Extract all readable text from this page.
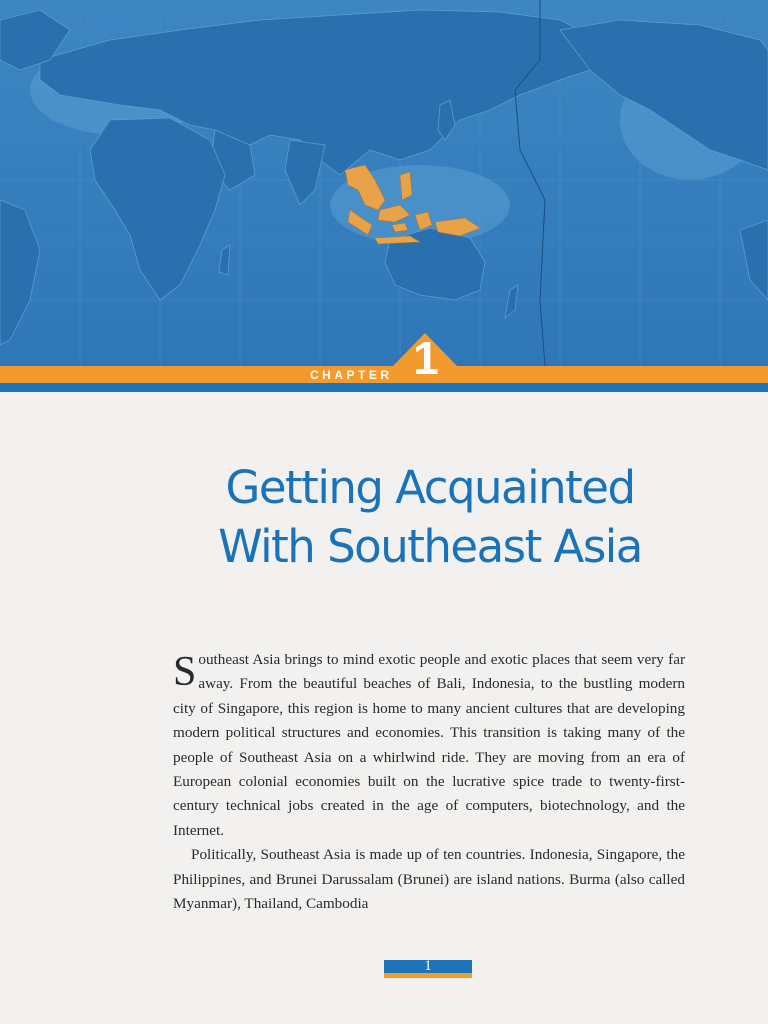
CHAPTER 1
Getting Acquainted
With Southeast Asia

Southeast Asia brings to mind exotic people and exotic places that seem very far away. From the beautiful beaches of Bali, Indonesia, to the bustling modern city of Singapore, this region is home to many ancient cultures that are developing modern political structures and economies. This transition is taking many of the people of Southeast Asia on a whirlwind ride. They are moving from an era of European colonial economies built on the lucrative spice trade to twenty-first-century technical jobs created in the age of computers, biotechnology, and the Internet.

Politically, Southeast Asia is made up of ten countries. Indonesia, Singapore, the Philippines, and Brunei Darussalam (Brunei) are island nations. Burma (also called Myanmar), Thailand, Cambodia

1
